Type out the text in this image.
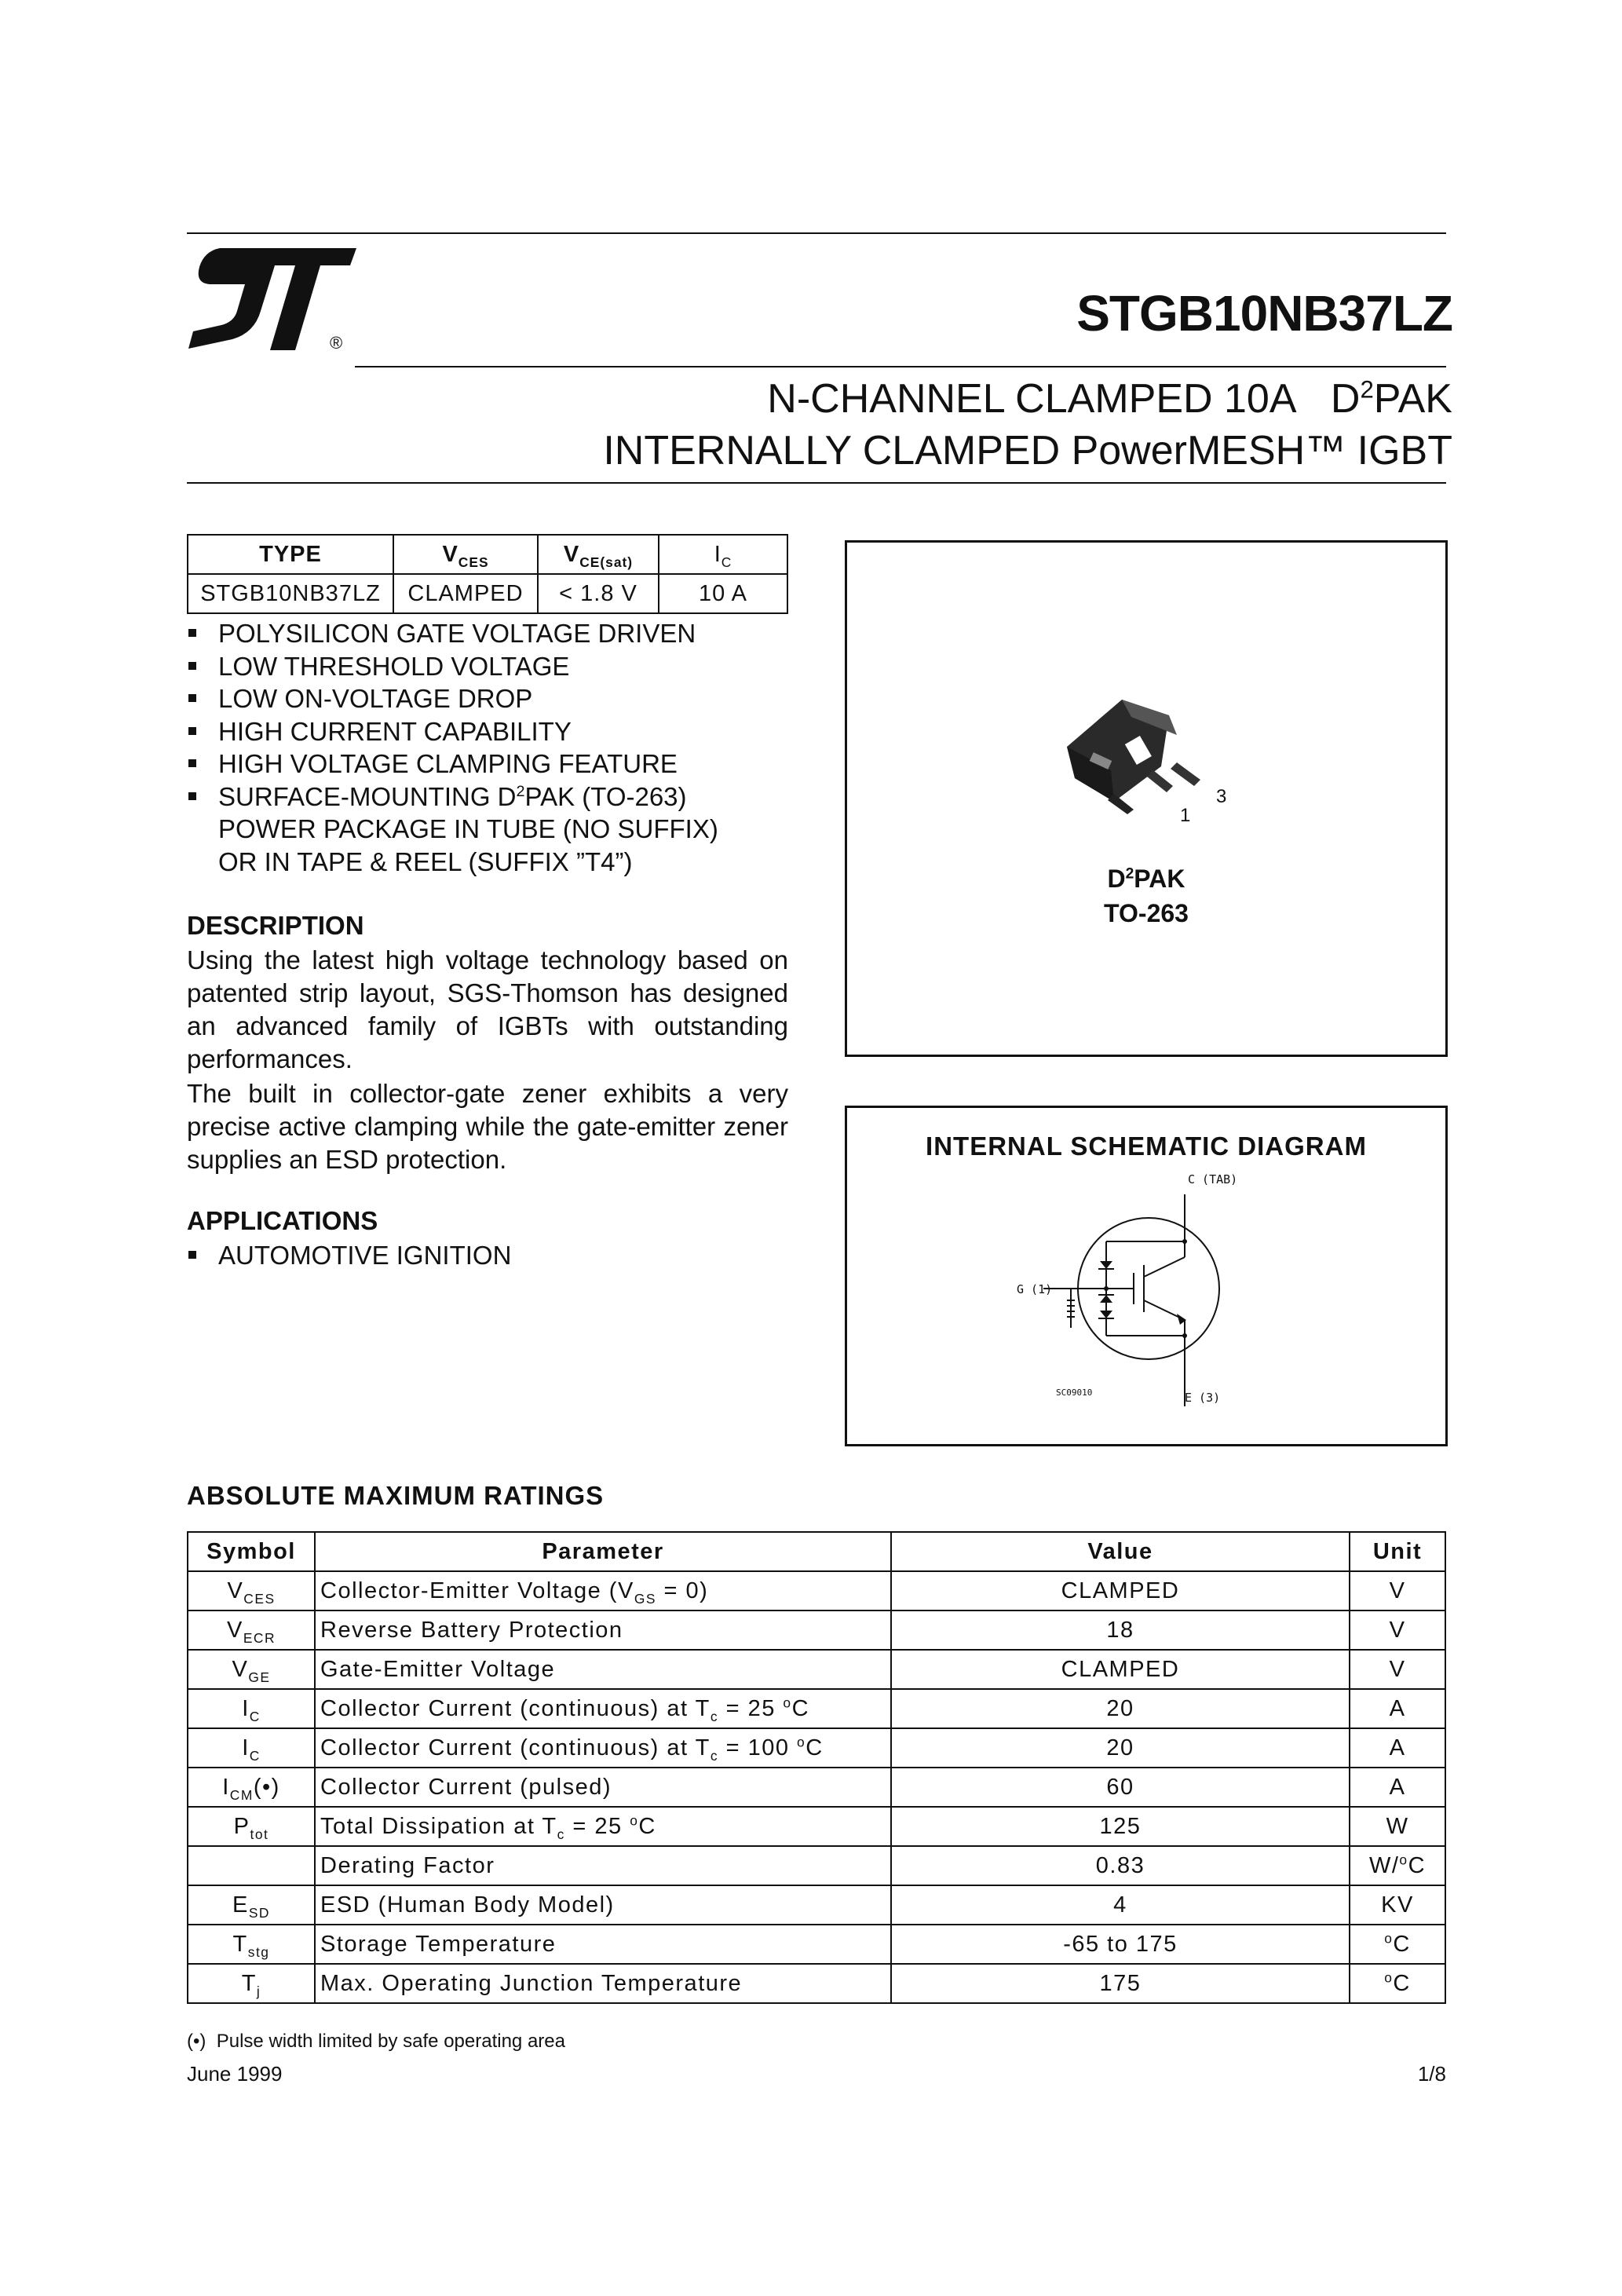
®
STGB10NB37LZ
N-CHANNEL CLAMPED 10A $D^2PAK$
INTERNALLY CLAMPED PowerMESH™ IGBT
TYPE	$V_{CES}$	$V_{CE(sat)}$	$I_C$
STGB10NB37LZ	CLAMPED	< 1.8 V	10 A
POLYSILICON GATE VOLTAGE DRIVEN
LOW THRESHOLD VOLTAGE
LOW ON-VOLTAGE DROP
HIGH CURRENT CAPABILITY
HIGH VOLTAGE CLAMPING FEATURE
SURFACE-MOUNTING $D^2PAK$ (TO-263)
POWER PACKAGE IN TUBE (NO SUFFIX)
OR IN TAPE & REEL (SUFFIX ”T4”)
DESCRIPTION
Using the latest high voltage technology based on patented strip layout, SGS-Thomson has designed an advanced family of IGBTs with outstanding performances.
The built in collector-gate zener exhibits a very precise active clamping while the gate-emitter zener supplies an ESD protection.
APPLICATIONS
AUTOMOTIVE IGNITION
1
3
$D^2PAK$
TO-263
INTERNAL SCHEMATIC DIAGRAM
C (TAB)
G (1)
E (3)
SC09010
ABSOLUTE MAXIMUM RATINGS
Symbol	Parameter	Value	Unit
$V_{CES}$	Collector-Emitter Voltage $(V_{GS} = 0)$	CLAMPED	V
$V_{ECR}$	Reverse Battery Protection	18	V
$V_{GE}$	Gate-Emitter Voltage	CLAMPED	V
$I_C$	Collector Current (continuous) at $T_c = 25$ $^o$C	20	A
$I_C$	Collector Current (continuous) at $T_c = 100$ $^o$C	20	A
$I_{CM}(•)$	Collector Current (pulsed)	60	A
$P_{tot}$	Total Dissipation at $T_c = 25$ $^o$C	125	W
	Derating Factor	0.83	W/$^o$C
$E_{SD}$	ESD (Human Body Model)	4	KV
$T_{stg}$	Storage Temperature	-65 to 175	$^o$C
$T_j$	Max. Operating Junction Temperature	175	$^o$C
(•) Pulse width limited by safe operating area
June 1999	1/8
